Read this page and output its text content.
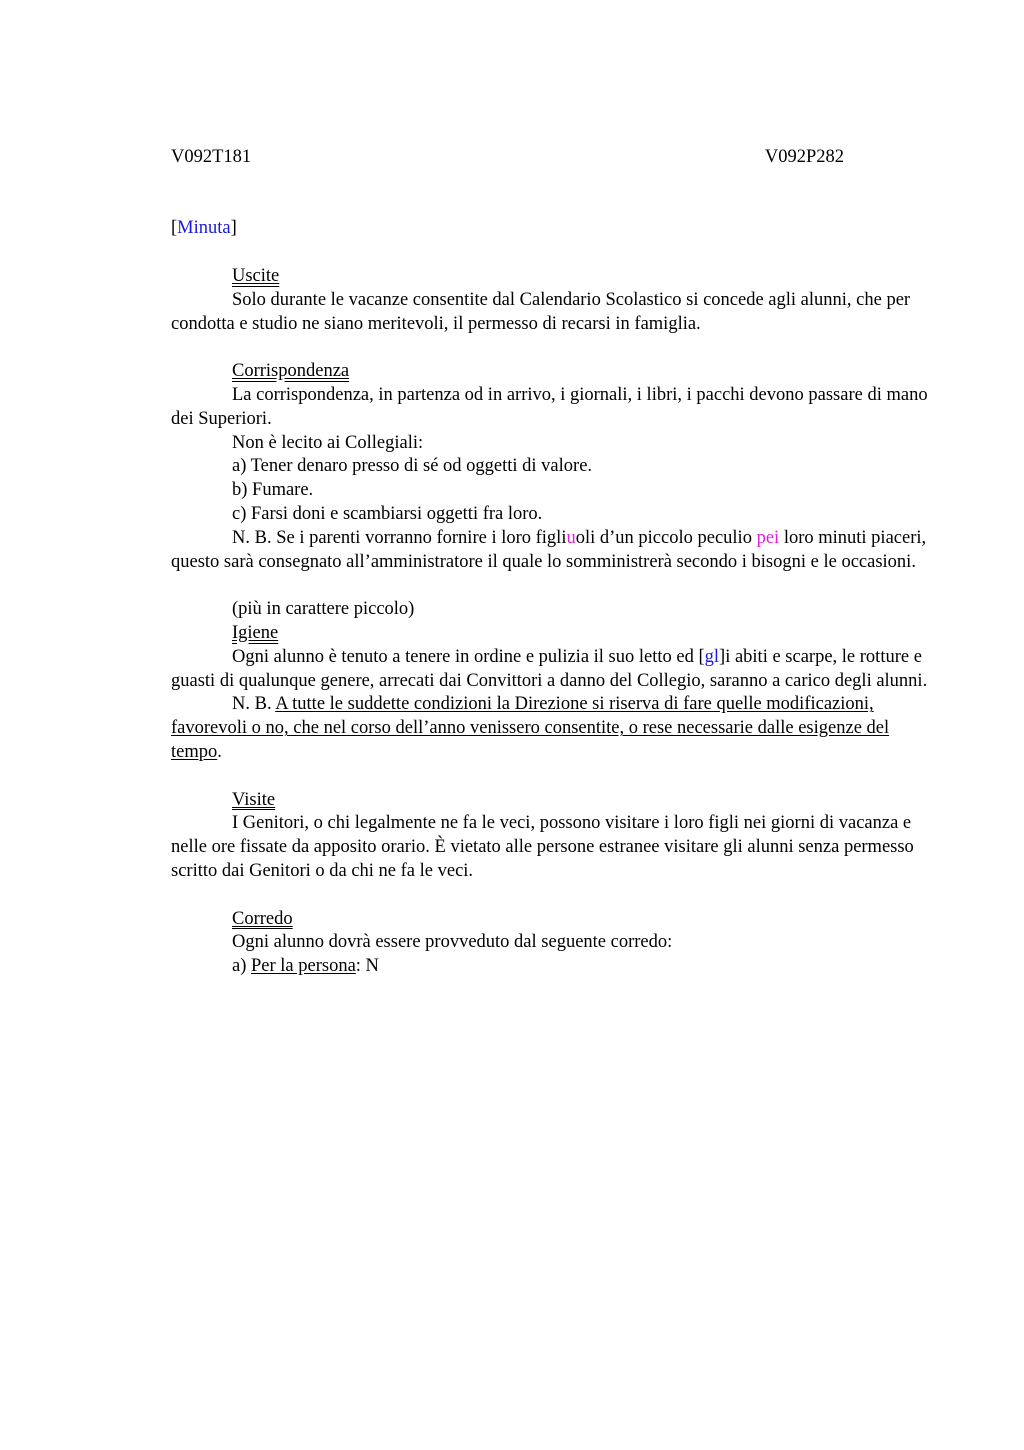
V092T181	V092P282

[Minuta]

Uscite

Solo durante le vacanze consentite dal Calendario Scolastico si concede agli alunni, che per condotta e studio ne siano meritevoli, il permesso di recarsi in famiglia.

Corrispondenza

La corrispondenza, in partenza od in arrivo, i giornali, i libri, i pacchi devono passare di mano dei Superiori.

Non è lecito ai Collegiali:

a) Tener denaro presso di sé od oggetti di valore.

b) Fumare.

c) Farsi doni e scambiarsi oggetti fra loro.

N. B. Se i parenti vorranno fornire i loro figliuoli d’un piccolo peculio pei loro minuti piaceri, questo sarà consegnato all’amministratore il quale lo somministrerà secondo i bisogni e le occasioni.

(più in carattere piccolo)

Igiene

Ogni alunno è tenuto a tenere in ordine e pulizia il suo letto ed [gl]i abiti e scarpe, le rotture e guasti di qualunque genere, arrecati dai Convittori a danno del Collegio, saranno a carico degli alunni.

N. B. A tutte le suddette condizioni la Direzione si riserva di fare quelle modificazioni, favorevoli o no, che nel corso dell’anno venissero consentite, o rese necessarie dalle esigenze del tempo.

Visite

I Genitori, o chi legalmente ne fa le veci, possono visitare i loro figli nei giorni di vacanza e nelle ore fissate da apposito orario. È vietato alle persone estranee visitare gli alunni senza permesso scritto dai Genitori o da chi ne fa le veci.

Corredo

Ogni alunno dovrà essere provveduto dal seguente corredo:

a) Per la persona: N
